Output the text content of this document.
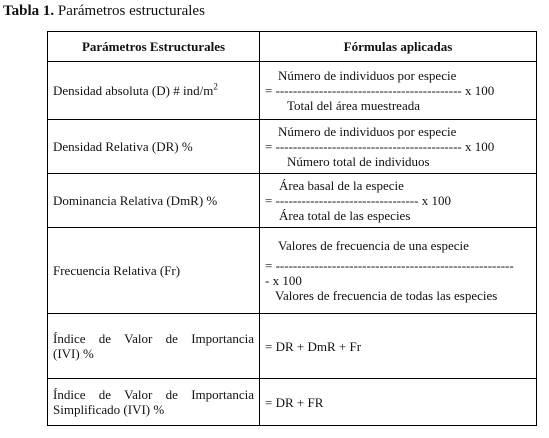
Tabla 1. Parámetros estructurales
Parámetros Estructurales	Fórmulas aplicadas
Densidad absoluta (D) # ind/$m^2$	Número de individuos por especie
= ------------------------------------------- x 100
Total del área muestreada

Densidad Relativa (DR) %	Número de individuos por especie
= ------------------------------------------- x 100
Número total de individuos

Dominancia Relativa (DmR) %	Área basal de la especie
= --------------------------------- x 100
Área total de las especies

Frecuencia Relativa (Fr)	Valores de frecuencia de una especie
= -------------------------------------------------------
- x 100
Valores de frecuencia de todas las especies

Índice de Valor de Importancia
(IVI) %	= DR + DmR + Fr

Índice de Valor de Importancia
Simplificado (IVI) %	= DR + FR
